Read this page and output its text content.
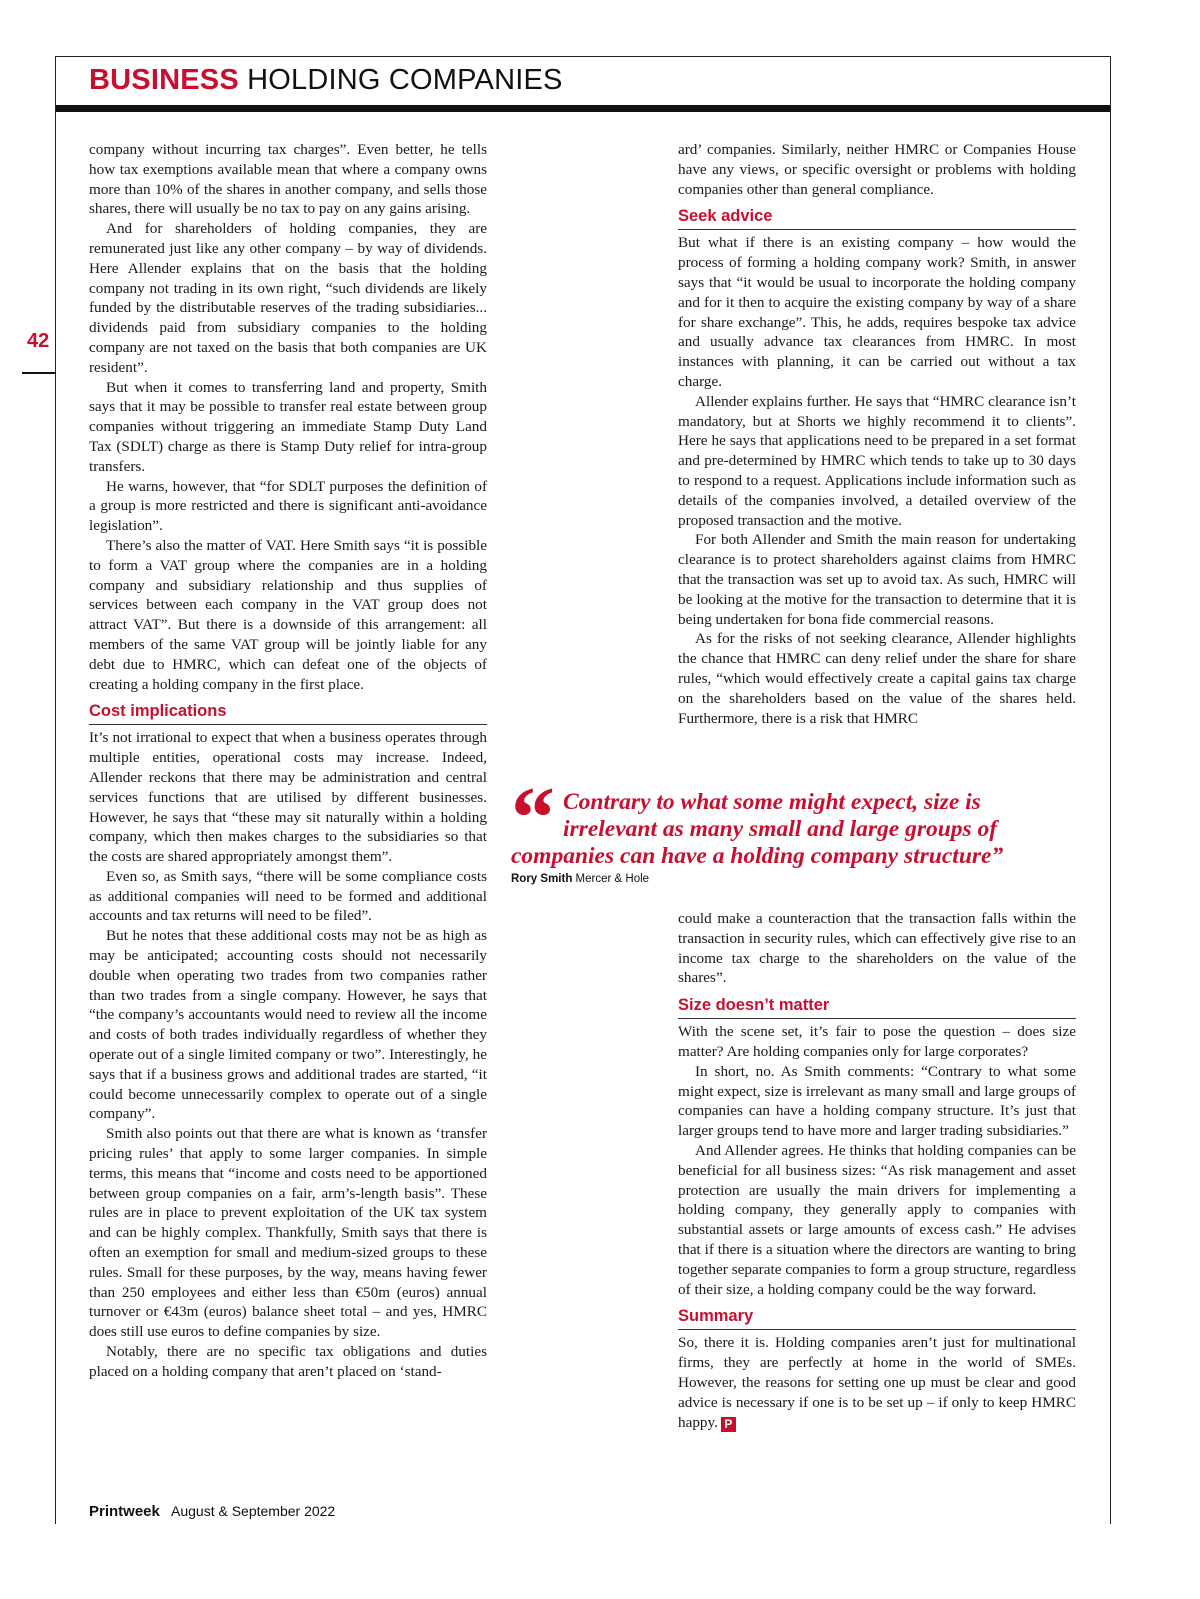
BUSINESS HOLDING COMPANIES
42

company without incurring tax charges”. Even better, he tells how tax exemptions available mean that where a company owns more than 10% of the shares in another company, and sells those shares, there will usually be no tax to pay on any gains arising.

And for shareholders of holding companies, they are remunerated just like any other company – by way of dividends. Here Allender explains that on the basis that the holding company not trading in its own right, “such dividends are likely funded by the distributable reserves of the trading subsidiaries... dividends paid from subsidiary companies to the holding company are not taxed on the basis that both companies are UK resident”.

But when it comes to transferring land and property, Smith says that it may be possible to transfer real estate between group companies without triggering an immediate Stamp Duty Land Tax (SDLT) charge as there is Stamp Duty relief for intra-group transfers.

He warns, however, that “for SDLT purposes the definition of a group is more restricted and there is significant anti-avoidance legislation”.

There’s also the matter of VAT. Here Smith says “it is possible to form a VAT group where the companies are in a holding company and subsidiary relationship and thus supplies of services between each company in the VAT group does not attract VAT”. But there is a downside of this arrangement: all members of the same VAT group will be jointly liable for any debt due to HMRC, which can defeat one of the objects of creating a holding company in the first place.

Cost implications

It’s not irrational to expect that when a business operates through multiple entities, operational costs may increase. Indeed, Allender reckons that there may be administration and central services functions that are utilised by different businesses. However, he says that “these may sit naturally within a holding company, which then makes charges to the subsidiaries so that the costs are shared appropriately amongst them”.

Even so, as Smith says, “there will be some compliance costs as additional companies will need to be formed and additional accounts and tax returns will need to be filed”.

But he notes that these additional costs may not be as high as may be anticipated; accounting costs should not necessarily double when operating two trades from two companies rather than two trades from a single company. However, he says that “the company’s accountants would need to review all the income and costs of both trades individually regardless of whether they operate out of a single limited company or two”. Interestingly, he says that if a business grows and additional trades are started, “it could become unnecessarily complex to operate out of a single company”.

Smith also points out that there are what is known as ‘transfer pricing rules’ that apply to some larger companies. In simple terms, this means that “income and costs need to be apportioned between group companies on a fair, arm’s-length basis”. These rules are in place to prevent exploitation of the UK tax system and can be highly complex. Thankfully, Smith says that there is often an exemption for small and medium-sized groups to these rules. Small for these purposes, by the way, means having fewer than 250 employees and either less than €50m (euros) annual turnover or €43m (euros) balance sheet total – and yes, HMRC does still use euros to define companies by size.

Notably, there are no specific tax obligations and duties placed on a holding company that aren’t placed on ‘stand-

ard’ companies. Similarly, neither HMRC or Companies House have any views, or specific oversight or problems with holding companies other than general compliance.

Seek advice

But what if there is an existing company – how would the process of forming a holding company work? Smith, in answer says that “it would be usual to incorporate the holding company and for it then to acquire the existing company by way of a share for share exchange”. This, he adds, requires bespoke tax advice and usually advance tax clearances from HMRC. In most instances with planning, it can be carried out without a tax charge.

Allender explains further. He says that “HMRC clearance isn’t mandatory, but at Shorts we highly recommend it to clients”. Here he says that applications need to be prepared in a set format and pre-determined by HMRC which tends to take up to 30 days to respond to a request. Applications include information such as details of the companies involved, a detailed overview of the proposed transaction and the motive.

For both Allender and Smith the main reason for undertaking clearance is to protect shareholders against claims from HMRC that the transaction was set up to avoid tax. As such, HMRC will be looking at the motive for the transaction to determine that it is being undertaken for bona fide commercial reasons.

As for the risks of not seeking clearance, Allender highlights the chance that HMRC can deny relief under the share for share rules, “which would effectively create a capital gains tax charge on the shareholders based on the value of the shares held. Furthermore, there is a risk that HMRC

“ Contrary to what some might expect, size is irrelevant as many small and large groups of companies can have a holding company structure”
Rory Smith Mercer & Hole

could make a counteraction that the transaction falls within the transaction in security rules, which can effectively give rise to an income tax charge to the shareholders on the value of the shares”.

Size doesn’t matter

With the scene set, it’s fair to pose the question – does size matter? Are holding companies only for large corporates?

In short, no. As Smith comments: “Contrary to what some might expect, size is irrelevant as many small and large groups of companies can have a holding company structure. It’s just that larger groups tend to have more and larger trading subsidiaries.”

And Allender agrees. He thinks that holding companies can be beneficial for all business sizes: “As risk management and asset protection are usually the main drivers for implementing a holding company, they generally apply to companies with substantial assets or large amounts of excess cash.” He advises that if there is a situation where the directors are wanting to bring together separate companies to form a group structure, regardless of their size, a holding company could be the way forward.

Summary

So, there it is. Holding companies aren’t just for multinational firms, they are perfectly at home in the world of SMEs. However, the reasons for setting one up must be clear and good advice is necessary if one is to be set up – if only to keep HMRC happy. P

Printweek August & September 2022
